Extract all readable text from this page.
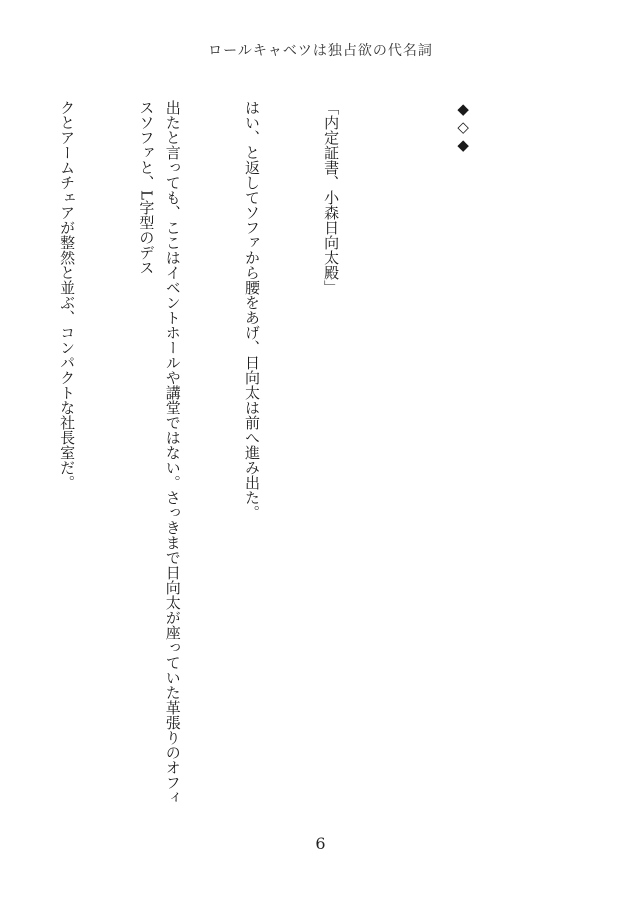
ロールキャベツは独占欲の代名詞

◆◇◆

「内定証書、小森日向太殿」

はい、と返してソファから腰をあげ、日向太は前へ進み出た。

出たと言っても、ここはイベントホールや講堂ではない。さっきまで日向太が座っていた革張りのオフィスソファと、L字型のデス

クとアームチェアが整然と並ぶ、コンパクトな社長室だ。

6
